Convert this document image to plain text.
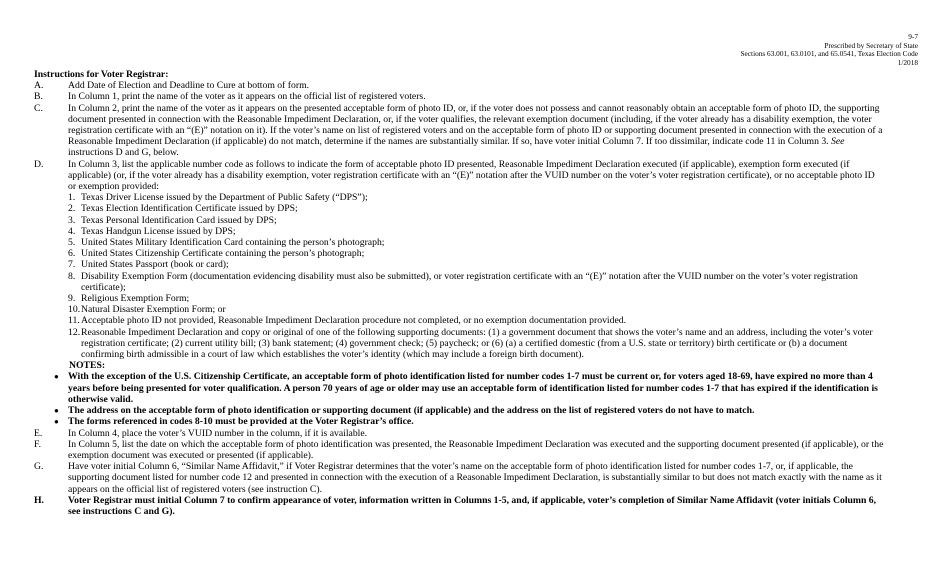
9-7
Prescribed by Secretary of State
Sections 63.001, 63.0101, and 65.0541, Texas Election Code
1/2018
Instructions for Voter Registrar:
A.	Add Date of Election and Deadline to Cure at bottom of form.
B.	In Column 1, print the name of the voter as it appears on the official list of registered voters.
C.	In Column 2, print the name of the voter as it appears on the presented acceptable form of photo ID, or, if the voter does not possess and cannot reasonably obtain an acceptable form of photo ID, the supporting document presented in connection with the Reasonable Impediment Declaration, or, if the voter qualifies, the relevant exemption document (including, if the voter already has a disability exemption, the voter registration certificate with an “(E)” notation on it). If the voter’s name on list of registered voters and on the acceptable form of photo ID or supporting document presented in connection with the execution of a Reasonable Impediment Declaration (if applicable) do not match, determine if the names are substantially similar. If so, have voter initial Column 7. If too dissimilar, indicate code 11 in Column 3. See instructions D and G, below.
D.	In Column 3, list the applicable number code as follows to indicate the form of acceptable photo ID presented, Reasonable Impediment Declaration executed (if applicable), exemption form executed (if applicable) (or, if the voter already has a disability exemption, voter registration certificate with an “(E)” notation after the VUID number on the voter’s voter registration certificate), or no acceptable photo ID or exemption provided:
1. Texas Driver License issued by the Department of Public Safety (“DPS”);
2. Texas Election Identification Certificate issued by DPS;
3. Texas Personal Identification Card issued by DPS;
4. Texas Handgun License issued by DPS;
5. United States Military Identification Card containing the person’s photograph;
6. United States Citizenship Certificate containing the person’s photograph;
7. United States Passport (book or card);
8. Disability Exemption Form (documentation evidencing disability must also be submitted), or voter registration certificate with an “(E)” notation after the VUID number on the voter’s voter registration certificate);
9. Religious Exemption Form;
10. Natural Disaster Exemption Form; or
11. Acceptable photo ID not provided, Reasonable Impediment Declaration procedure not completed, or no exemption documentation provided.
12. Reasonable Impediment Declaration and copy or original of one of the following supporting documents: (1) a government document that shows the voter’s name and an address, including the voter’s voter registration certificate; (2) current utility bill; (3) bank statement; (4) government check; (5) paycheck; or (6) (a) a certified domestic (from a U.S. state or territory) birth certificate or (b) a document confirming birth admissible in a court of law which establishes the voter’s identity (which may include a foreign birth document).
NOTES:
● With the exception of the U.S. Citizenship Certificate, an acceptable form of photo identification listed for number codes 1-7 must be current or, for voters aged 18-69, have expired no more than 4 years before being presented for voter qualification. A person 70 years of age or older may use an acceptable form of identification listed for number codes 1-7 that has expired if the identification is otherwise valid.
● The address on the acceptable form of photo identification or supporting document (if applicable) and the address on the list of registered voters do not have to match.
● The forms referenced in codes 8-10 must be provided at the Voter Registrar’s office.
E.	In Column 4, place the voter’s VUID number in the column, if it is available.
F.	In Column 5, list the date on which the acceptable form of photo identification was presented, the Reasonable Impediment Declaration was executed and the supporting document presented (if applicable), or the exemption document was executed or presented (if applicable).
G.	Have voter initial Column 6, “Similar Name Affidavit,” if Voter Registrar determines that the voter’s name on the acceptable form of photo identification listed for number codes 1-7, or, if applicable, the supporting document listed for number code 12 and presented in connection with the execution of a Reasonable Impediment Declaration, is substantially similar to but does not match exactly with the name as it appears on the official list of registered voters (see instruction C).
H. Voter Registrar must initial Column 7 to confirm appearance of voter, information written in Columns 1-5, and, if applicable, voter’s completion of Similar Name Affidavit (voter initials Column 6, see instructions C and G).
